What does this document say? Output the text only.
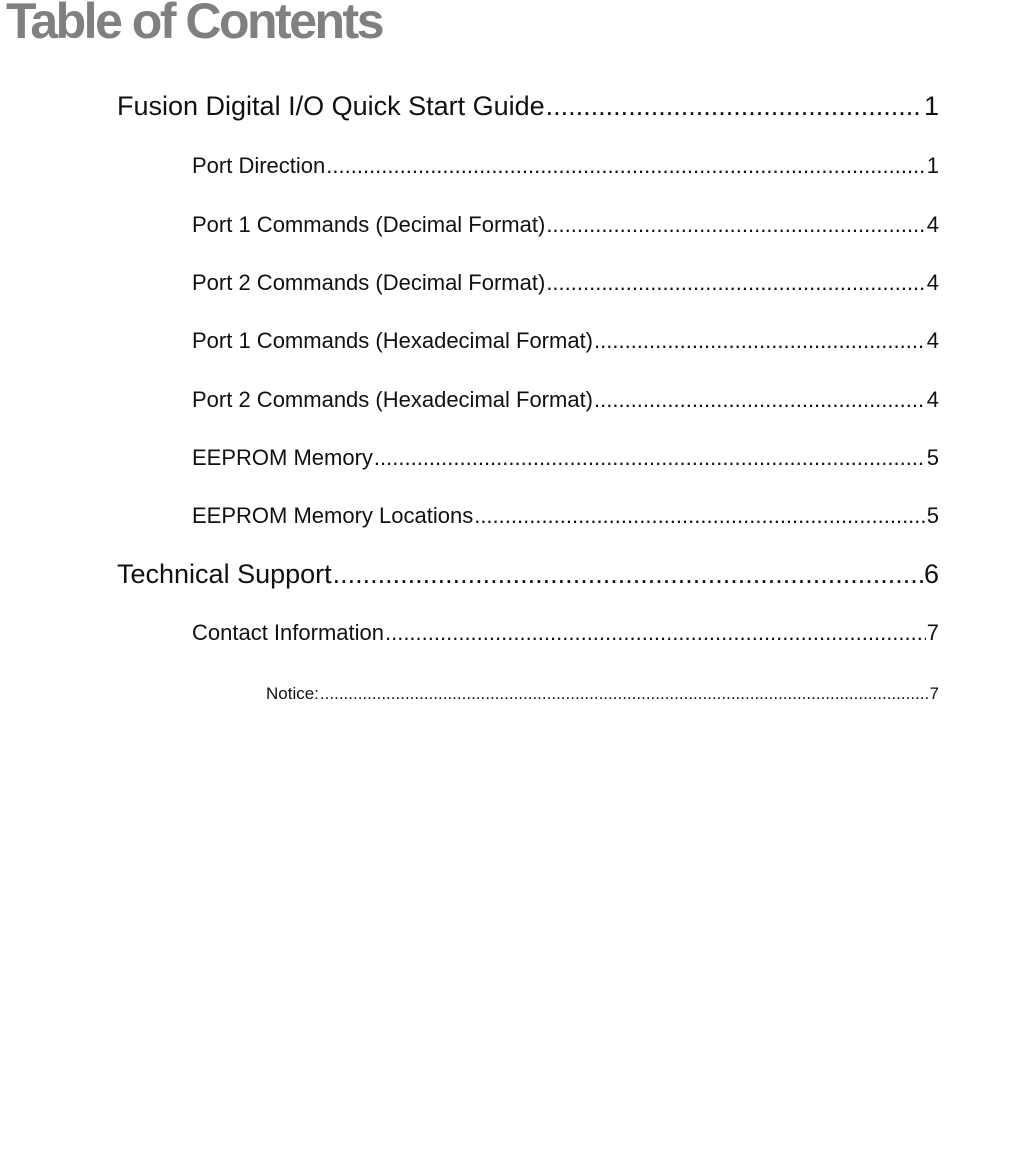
Table of Contents
Fusion Digital I/O Quick Start Guide .....	1
Port Direction .....	1
Port 1 Commands (Decimal Format) .....	4
Port 2 Commands (Decimal Format) .....	4
Port 1 Commands (Hexadecimal Format) .....	4
Port 2 Commands (Hexadecimal Format) .....	4
EEPROM Memory .....	5
EEPROM Memory Locations .....	5
Technical Support .....	6
Contact Information .....	7
Notice: .....	7
